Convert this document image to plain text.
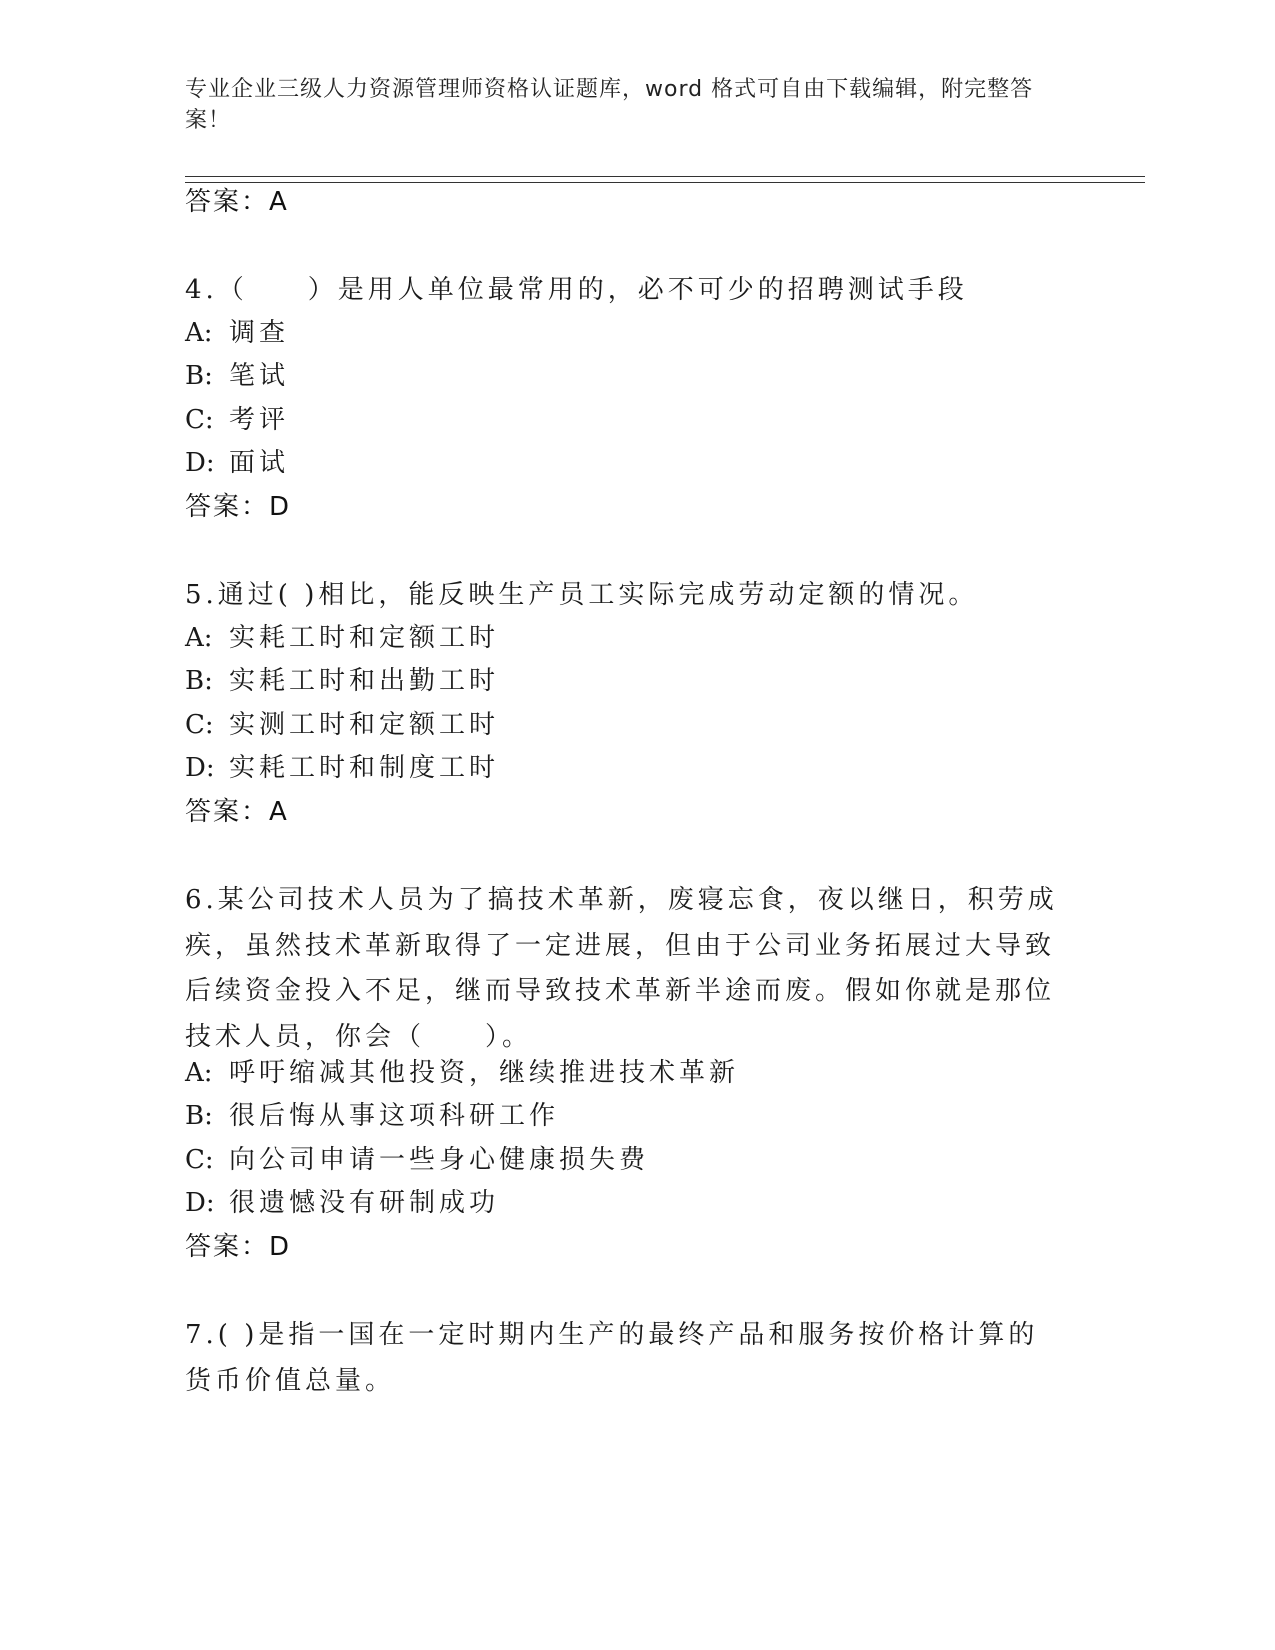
专业企业三级人力资源管理师资格认证题库，word 格式可自由下载编辑，附完整答案！
答案：A
4.（　　）是用人单位最常用的，必不可少的招聘测试手段
A: 调查
B: 笔试
C: 考评
D: 面试
答案：D
5.通过( )相比，能反映生产员工实际完成劳动定额的情况。
A: 实耗工时和定额工时
B: 实耗工时和出勤工时
C: 实测工时和定额工时
D: 实耗工时和制度工时
答案：A
6.某公司技术人员为了搞技术革新，废寝忘食，夜以继日，积劳成疾，虽然技术革新取得了一定进展，但由于公司业务拓展过大导致后续资金投入不足，继而导致技术革新半途而废。假如你就是那位技术人员，你会（　　）。
A: 呼吁缩减其他投资，继续推进技术革新
B: 很后悔从事这项科研工作
C: 向公司申请一些身心健康损失费
D: 很遗憾没有研制成功
答案：D
7.( )是指一国在一定时期内生产的最终产品和服务按价格计算的货币价值总量。
